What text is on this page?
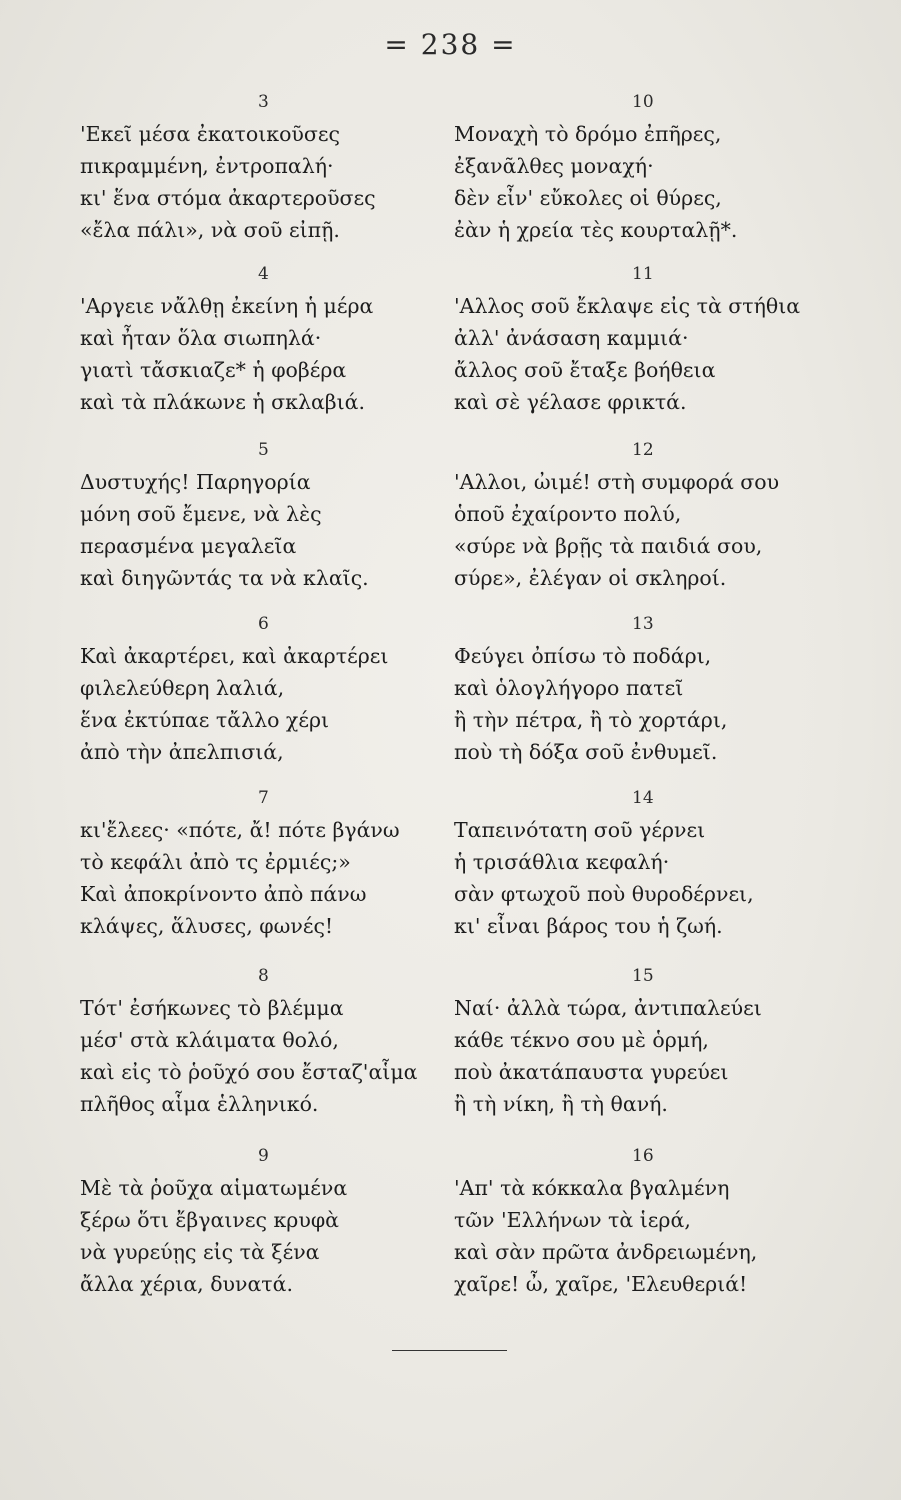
= 238 =
3
'Εκεῖ μέσα ἐκατοικοῦσες
πικραμμένη, ἐντροπαλή·
κι' ἕνα στόμα ἀκαρτεροῦσες
«ἔλα πάλι», νὰ σοῦ εἰπῇ.
4
'Αργειε νἄλθῃ ἐκείνη ἡ μέρα
καὶ ἦταν ὅλα σιωπηλά·
γιατὶ τἄσκιαζε* ἡ φοβέρα
καὶ τὰ πλάκωνε ἡ σκλαβιά.
5
Δυστυχής! Παρηγορία
μόνη σοῦ ἔμενε, νὰ λὲς
περασμένα μεγαλεῖα
καὶ διηγῶντάς τα νὰ κλαῖς.
6
Καὶ ἀκαρτέρει, καὶ ἀκαρτέρει
φιλελεύθερη λαλιά,
ἕνα ἐκτύπαε τἄλλο χέρι
ἀπὸ τὴν ἀπελπισιά,
7
κι'ἔλεες· «πότε, ἄ! πότε βγάνω
τὸ κεφάλι ἀπὸ τς ἐρμιές;»
Καὶ ἀποκρίνοντο ἀπὸ πάνω
κλάψες, ἅλυσες, φωνές!
8
Τότ' ἐσήκωνες τὸ βλέμμα
μέσ' στὰ κλάιματα θολό,
καὶ εἰς τὸ ῥοῦχό σου ἔσταζ'αἷμα
πλῆθος αἷμα ἑλληνικό.
9
Μὲ τὰ ῥοῦχα αἱματωμένα
ξέρω ὅτι ἔβγαινες κρυφὰ
νὰ γυρεύῃς εἰς τὰ ξένα
ἄλλα χέρια, δυνατά.
10
Μοναχὴ τὸ δρόμο ἐπῆρες,
ἐξανᾶλθες μοναχή·
δὲν εἶν' εὔκολες οἱ θύρες,
ἐὰν ἡ χρεία τὲς κουρταλῇ*.
11
'Αλλος σοῦ ἔκλαψε εἰς τὰ στήθια
ἀλλ' ἀνάσαση καμμιά·
ἄλλος σοῦ ἔταξε βοήθεια
καὶ σὲ γέλασε φρικτά.
12
'Αλλοι, ὠιμέ! στὴ συμφορά σου
ὁποῦ ἐχαίροντο πολύ,
«σύρε νὰ βρῇς τὰ παιδιά σου,
σύρε», ἐλέγαν οἱ σκληροί.
13
Φεύγει ὀπίσω τὸ ποδάρι,
καὶ ὁλογλήγορο πατεῖ
ἢ τὴν πέτρα, ἢ τὸ χορτάρι,
ποὺ τὴ δόξα σοῦ ἐνθυμεῖ.
14
Ταπεινότατη σοῦ γέρνει
ἡ τρισάθλια κεφαλή·
σὰν φτωχοῦ ποὺ θυροδέρνει,
κι' εἶναι βάρος του ἡ ζωή.
15
Ναί· ἀλλὰ τώρα, ἀντιπαλεύει
κάθε τέκνο σου μὲ ὁρμή,
ποὺ ἀκατάπαυστα γυρεύει
ἢ τὴ νίκη, ἢ τὴ θανή.
16
'Απ' τὰ κόκκαλα βγαλμένη
τῶν 'Ελλήνων τὰ ἱερά,
καὶ σὰν πρῶτα ἀνδρειωμένη,
χαῖρε! ὦ, χαῖρε, 'Ελευθεριά!
